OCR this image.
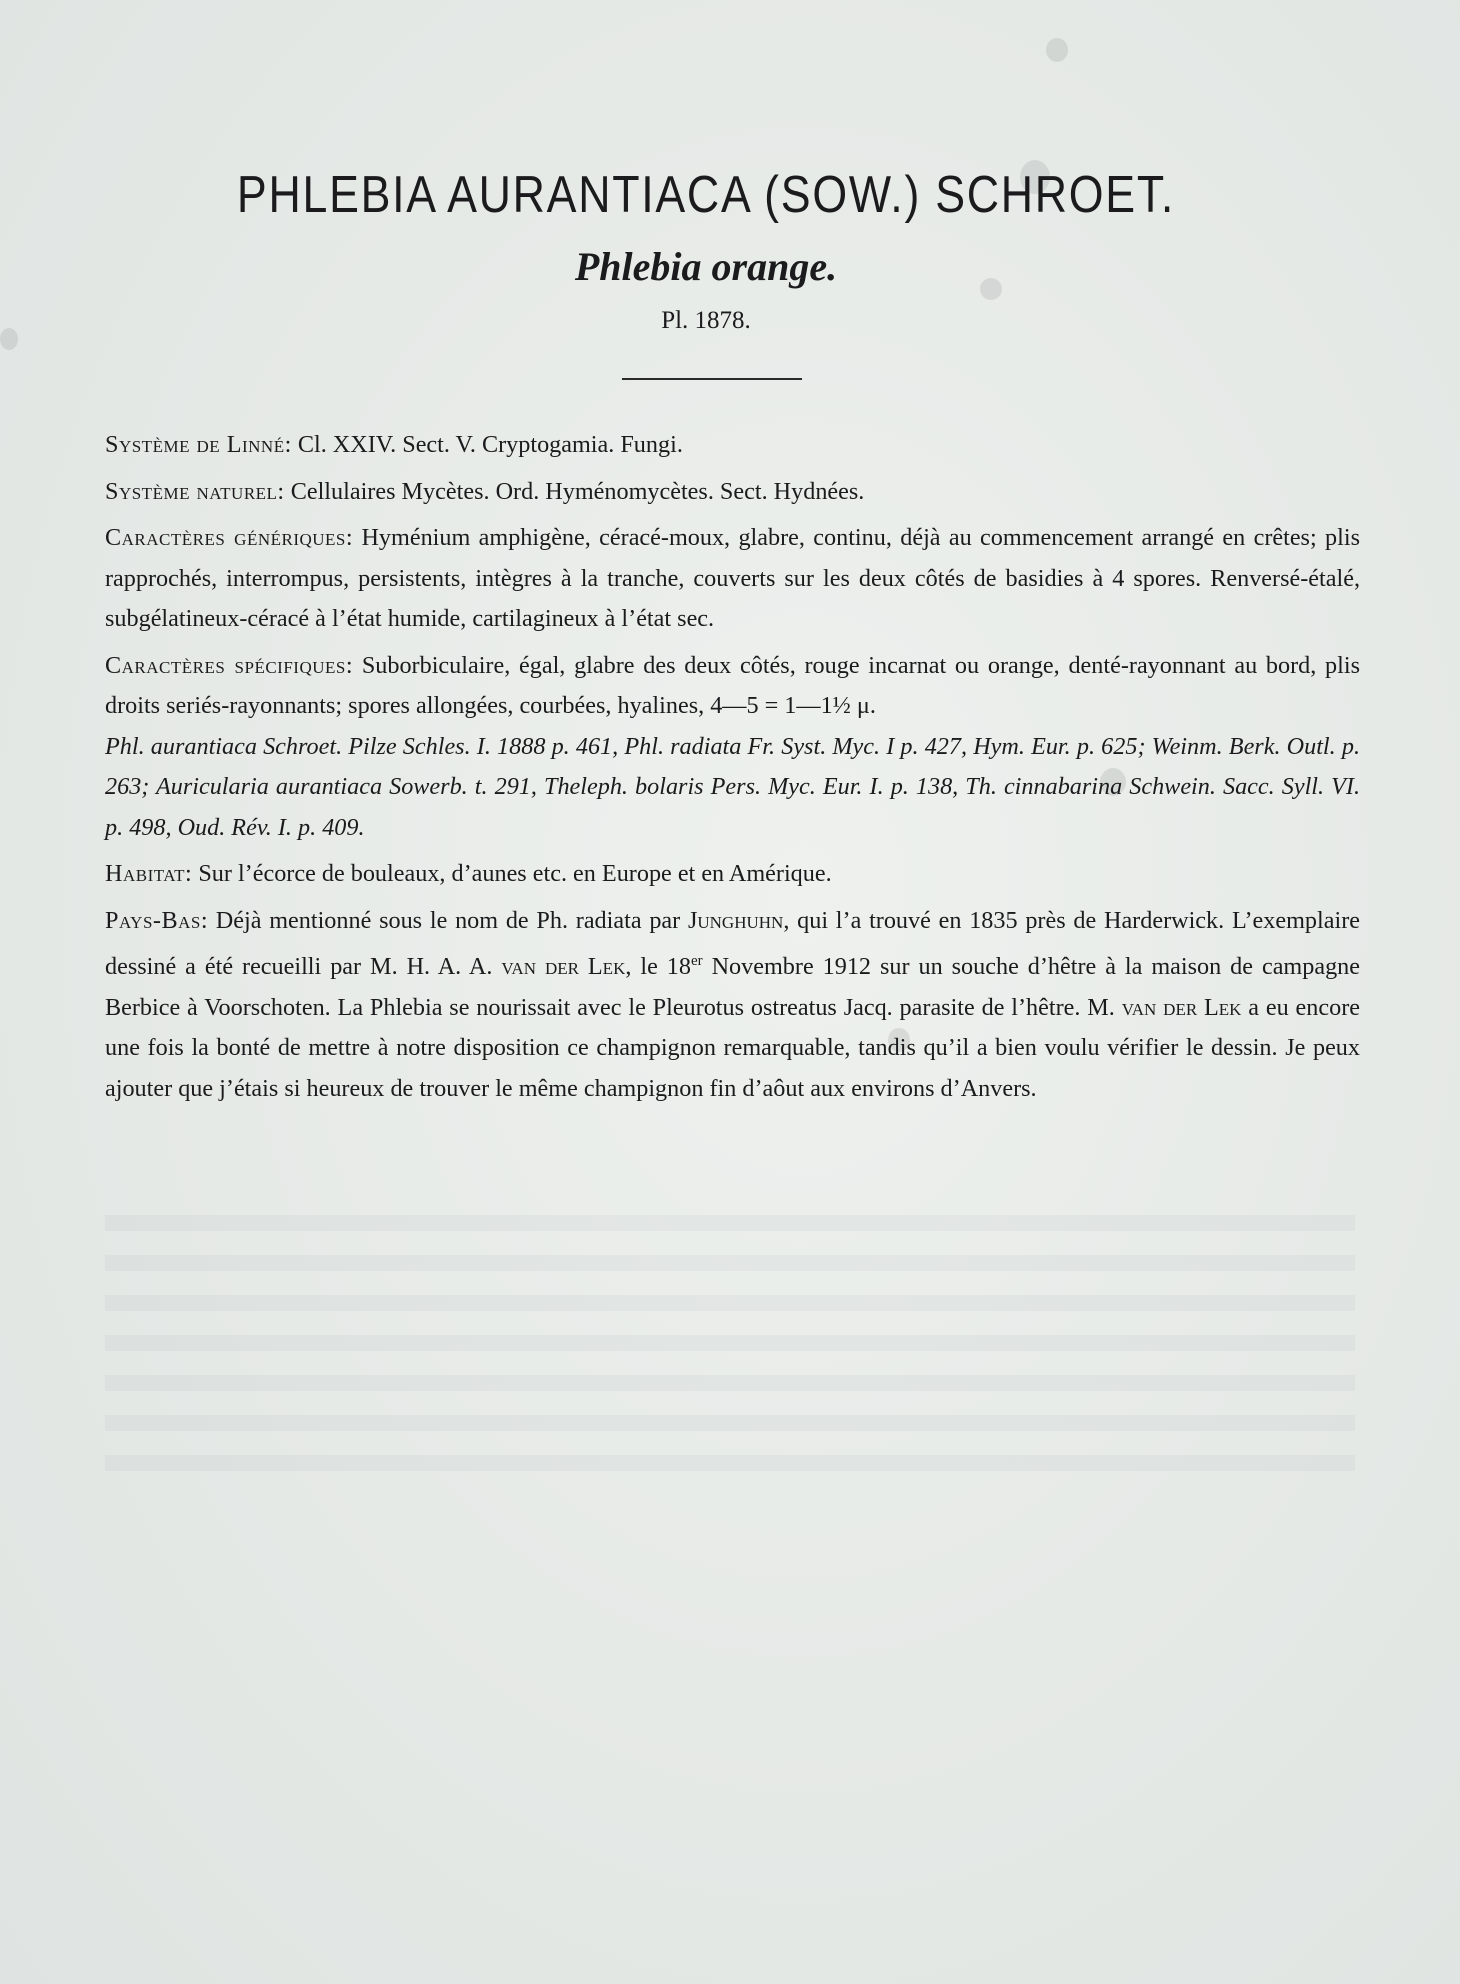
PHLEBIA AURANTIACA (SOW.) SCHROET.
Phlebia orange.
Pl. 1878.

Système de Linné: Cl. XXIV. Sect. V. Cryptogamia. Fungi.

Système naturel: Cellulaires Mycètes. Ord. Hyménomycètes. Sect. Hydnées.

Caractères génériques: Hyménium amphigène, céracé-moux, glabre, continu, déjà au commencement arrangé en crêtes; plis rapprochés, interrompus, persistents, intègres à la tranche, couverts sur les deux côtés de basidies à 4 spores. Renversé-étalé, subgélatineux-céracé à l’état humide, cartilagineux à l’état sec.

Caractères spécifiques: Suborbiculaire, égal, glabre des deux côtés, rouge incarnat ou orange, denté-rayonnant au bord, plis droits seriés-rayonnants; spores allongées, courbées, hyalines, 4—5 = 1—1½ μ.

Phl. aurantiaca Schroet. Pilze Schles. I. 1888 p. 461, Phl. radiata Fr. Syst. Myc. I p. 427, Hym. Eur. p. 625; Weinm. Berk. Outl. p. 263; Auricularia aurantiaca Sowerb. t. 291, Theleph. bolaris Pers. Myc. Eur. I. p. 138, Th. cinnabarina Schwein. Sacc. Syll. VI. p. 498, Oud. Rév. I. p. 409.

Habitat: Sur l’écorce de bouleaux, d’aunes etc. en Europe et en Amérique.

Pays-Bas: Déjà mentionné sous le nom de Ph. radiata par Junghuhn, qui l’a trouvé en 1835 près de Harderwick. L’exemplaire dessiné a été recueilli par M. H. A. A. van der Lek, le 18er Novembre 1912 sur un souche d’hêtre à la maison de campagne Berbice à Voorschoten. La Phlebia se nourissait avec le Pleurotus ostreatus Jacq. parasite de l’hêtre. M. van der Lek a eu encore une fois la bonté de mettre à notre disposition ce champignon remarquable, tandis qu’il a bien voulu vérifier le dessin. Je peux ajouter que j’étais si heureux de trouver le même champignon fin d’aôut aux environs d’Anvers.
